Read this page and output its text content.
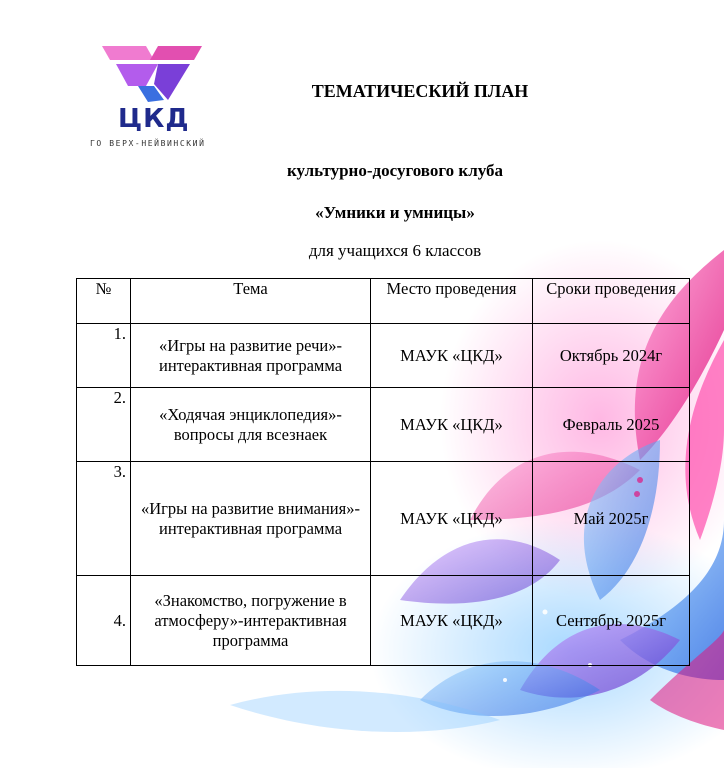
ЦКД
ГО ВЕРХ-НЕЙВИНСКИЙ
ТЕМАТИЧЕСКИЙ ПЛАН
культурно-досугового клуба
«Умники и умницы»
для учащихся 6 классов
№	Тема	Место проведения	Сроки проведения
1.	«Игры на развитие речи»-интерактивная программа	МАУК «ЦКД»	Октябрь 2024г
2.	«Ходячая энциклопедия»- вопросы для всезнаек	МАУК «ЦКД»	Февраль 2025
3.	«Игры на развитие внимания»-интерактивная программа	МАУК «ЦКД»	Май 2025г
4.	«Знакомство, погружение в атмосферу»-интерактивная программа	МАУК «ЦКД»	Сентябрь 2025г
